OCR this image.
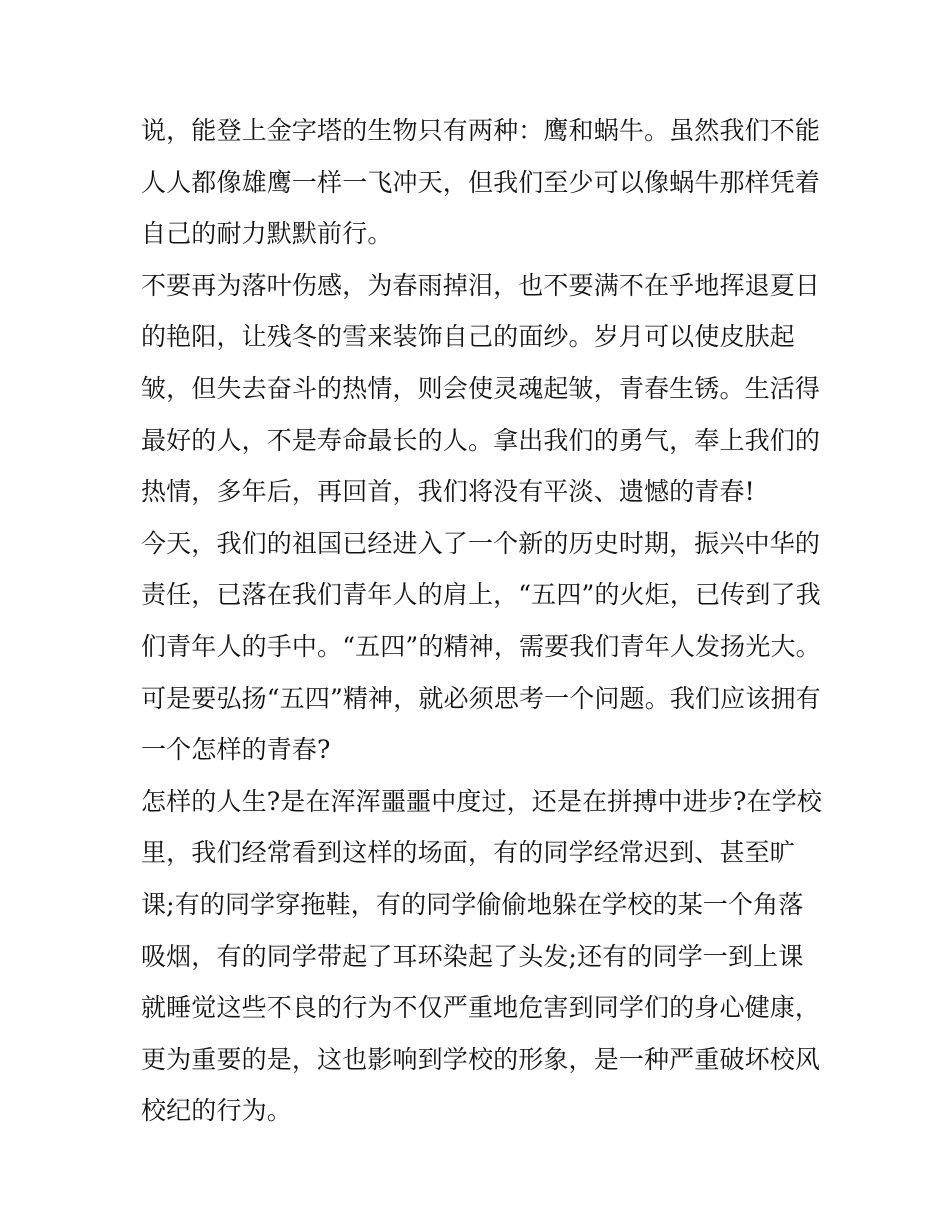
说，能登上金字塔的生物只有两种：鹰和蜗牛。虽然我们不能
人人都像雄鹰一样一飞冲天，但我们至少可以像蜗牛那样凭着
自己的耐力默默前行。
不要再为落叶伤感，为春雨掉泪，也不要满不在乎地挥退夏日
的艳阳，让残冬的雪来装饰自己的面纱。岁月可以使皮肤起
皱，但失去奋斗的热情，则会使灵魂起皱，青春生锈。生活得
最好的人，不是寿命最长的人。拿出我们的勇气，奉上我们的
热情，多年后，再回首，我们将没有平淡、遗憾的青春!
今天，我们的祖国已经进入了一个新的历史时期，振兴中华的
责任，已落在我们青年人的肩上，“五四”的火炬，已传到了我
们青年人的手中。“五四”的精神，需要我们青年人发扬光大。
可是要弘扬“五四”精神，就必须思考一个问题。我们应该拥有
一个怎样的青春?
怎样的人生?是在浑浑噩噩中度过，还是在拼搏中进步?在学校
里，我们经常看到这样的场面，有的同学经常迟到、甚至旷
课;有的同学穿拖鞋，有的同学偷偷地躲在学校的某一个角落
吸烟，有的同学带起了耳环染起了头发;还有的同学一到上课
就睡觉这些不良的行为不仅严重地危害到同学们的身心健康，
更为重要的是，这也影响到学校的形象，是一种严重破坏校风
校纪的行为。
